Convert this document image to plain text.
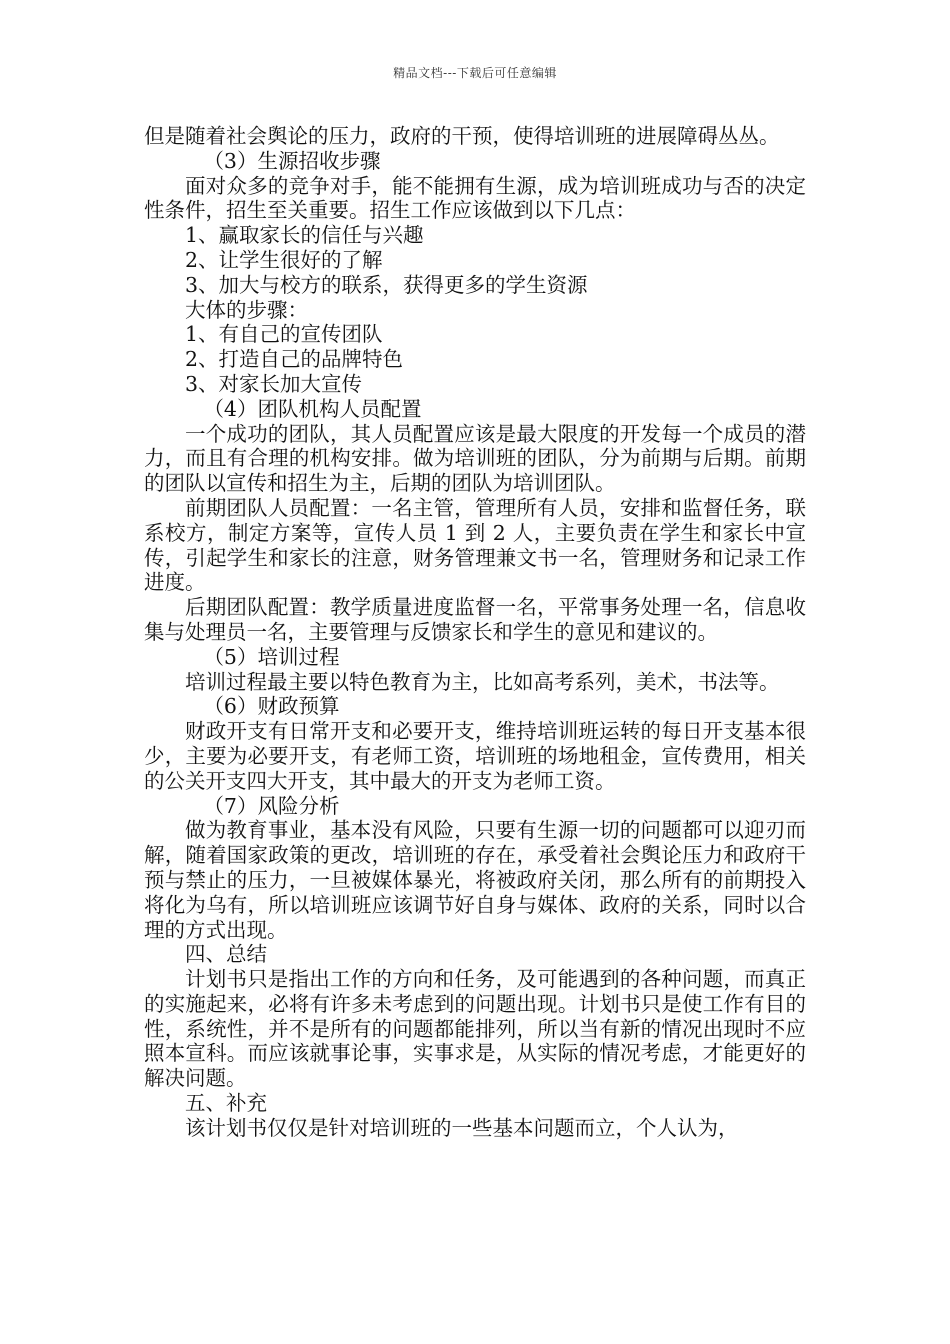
精品文档---下载后可任意编辑

但是随着社会舆论的压力，政府的干预，使得培训班的进展障碍丛丛。

（3）生源招收步骤

面对众多的竞争对手，能不能拥有生源，成为培训班成功与否的决定性条件，招生至关重要。招生工作应该做到以下几点：

1、赢取家长的信任与兴趣

2、让学生很好的了解

3、加大与校方的联系，获得更多的学生资源

大体的步骤：

1、有自己的宣传团队

2、打造自己的品牌特色

3、对家长加大宣传

（4）团队机构人员配置

一个成功的团队，其人员配置应该是最大限度的开发每一个成员的潜力，而且有合理的机构安排。做为培训班的团队，分为前期与后期。前期的团队以宣传和招生为主，后期的团队为培训团队。

前期团队人员配置：一名主管，管理所有人员，安排和监督任务，联系校方，制定方案等，宣传人员 1 到 2 人，主要负责在学生和家长中宣传，引起学生和家长的注意，财务管理兼文书一名，管理财务和记录工作进度。

后期团队配置：教学质量进度监督一名，平常事务处理一名，信息收集与处理员一名，主要管理与反馈家长和学生的意见和建议的。

（5）培训过程

培训过程最主要以特色教育为主，比如高考系列，美术，书法等。

（6）财政预算

财政开支有日常开支和必要开支，维持培训班运转的每日开支基本很少，主要为必要开支，有老师工资，培训班的场地租金，宣传费用，相关的公关开支四大开支，其中最大的开支为老师工资。

（7）风险分析

做为教育事业，基本没有风险，只要有生源一切的问题都可以迎刃而解，随着国家政策的更改，培训班的存在，承受着社会舆论压力和政府干预与禁止的压力，一旦被媒体暴光，将被政府关闭，那么所有的前期投入将化为乌有，所以培训班应该调节好自身与媒体、政府的关系，同时以合理的方式出现。

四、总结

计划书只是指出工作的方向和任务，及可能遇到的各种问题，而真正的实施起来，必将有许多未考虑到的问题出现。计划书只是使工作有目的性，系统性，并不是所有的问题都能排列，所以当有新的情况出现时不应照本宣科。而应该就事论事，实事求是，从实际的情况考虑，才能更好的解决问题。

五、补充

该计划书仅仅是针对培训班的一些基本问题而立，个人认为，
